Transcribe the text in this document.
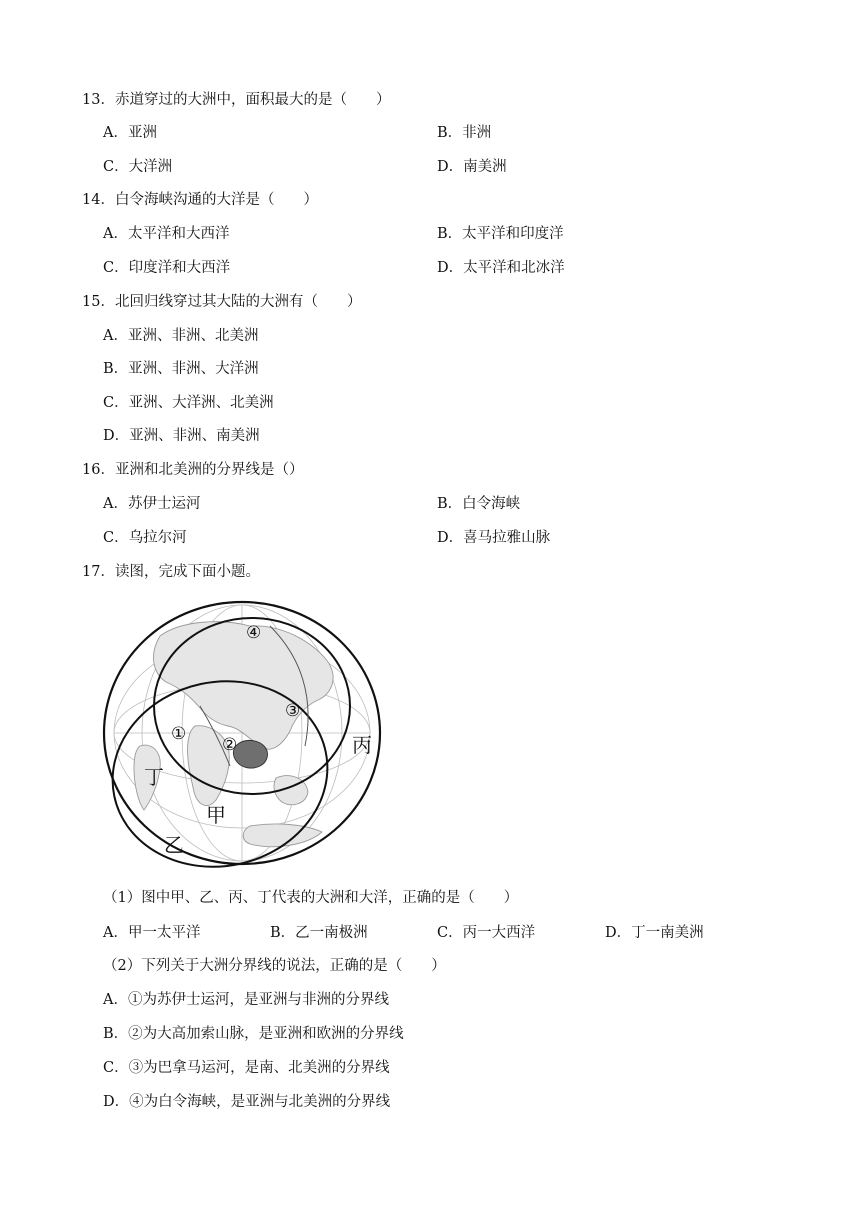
13．赤道穿过的大洲中，面积最大的是（　　）
A．亚洲	B．非洲
C．大洋洲	D．南美洲
14．白令海峡沟通的大洋是（　　）
A．太平洋和大西洋	B．太平洋和印度洋
C．印度洋和大西洋	D．太平洋和北冰洋
15．北回归线穿过其大陆的大洲有（　　）
A．亚洲、非洲、北美洲
B．亚洲、非洲、大洋洲
C．亚洲、大洋洲、北美洲
D．亚洲、非洲、南美洲
16．亚洲和北美洲的分界线是（）
A．苏伊士运河	B．白令海峡
C．乌拉尔河	D．喜马拉雅山脉
17．读图，完成下面小题。
④
③
①
②	丙
丁
甲
乙
（1）图中甲、乙、丙、丁代表的大洲和大洋，正确的是（　　）
A．甲一太平洋	B．乙一南极洲	C．丙一大西洋	D．丁一南美洲
（2）下列关于大洲分界线的说法，正确的是（　　）
A．①为苏伊士运河，是亚洲与非洲的分界线
B．②为大高加索山脉，是亚洲和欧洲的分界线
C．③为巴拿马运河，是南、北美洲的分界线
D．④为白令海峡，是亚洲与北美洲的分界线
